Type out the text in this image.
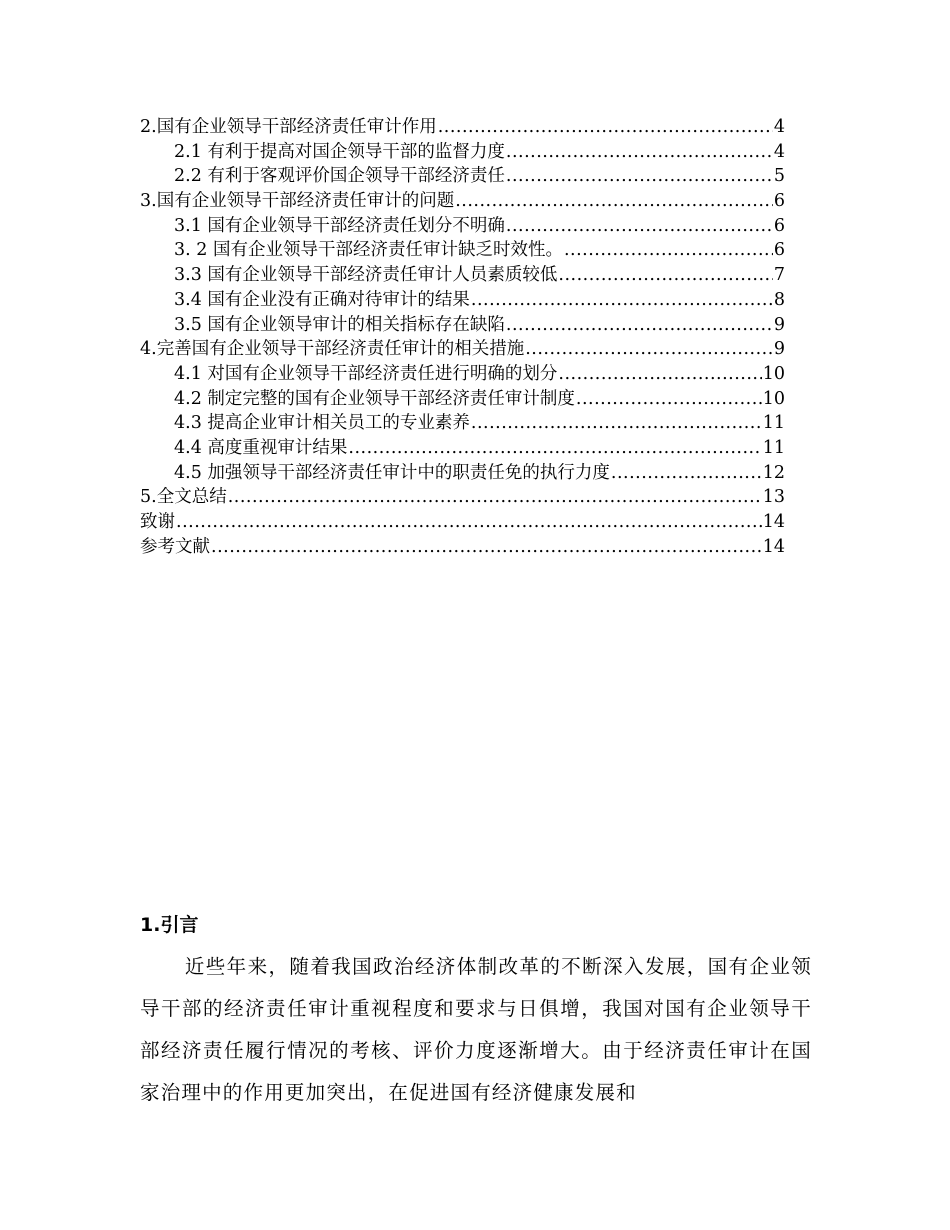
2.国有企业领导干部经济责任审计作用 .....	4
2.1 有利于提高对国企领导干部的监督力度 .....	4
2.2 有利于客观评价国企领导干部经济责任 .....	5
3.国有企业领导干部经济责任审计的问题 .....	6
3.1 国有企业领导干部经济责任划分不明确 .....	6
3. 2 国有企业领导干部经济责任审计缺乏时效性。 .....	6
3.3 国有企业领导干部经济责任审计人员素质较低 .....	7
3.4 国有企业没有正确对待审计的结果 .....	8
3.5 国有企业领导审计的相关指标存在缺陷 .....	9
4.完善国有企业领导干部经济责任审计的相关措施 .....	9
4.1 对国有企业领导干部经济责任进行明确的划分 .....	10
4.2 制定完整的国有企业领导干部经济责任审计制度 .....	10
4.3 提高企业审计相关员工的专业素养 .....	11
4.4 高度重视审计结果 .....	11
4.5 加强领导干部经济责任审计中的职责任免的执行力度 .....	12
5.全文总结 .....	13
致谢 .....	14
参考文献 .....	14
1.引言

近些年来，随着我国政治经济体制改革的不断深入发展，国有企业领导干部的经济责任审计重视程度和要求与日俱增，我国对国有企业领导干部经济责任履行情况的考核、评价力度逐渐增大。由于经济责任审计在国家治理中的作用更加突出，在促进国有经济健康发展和
